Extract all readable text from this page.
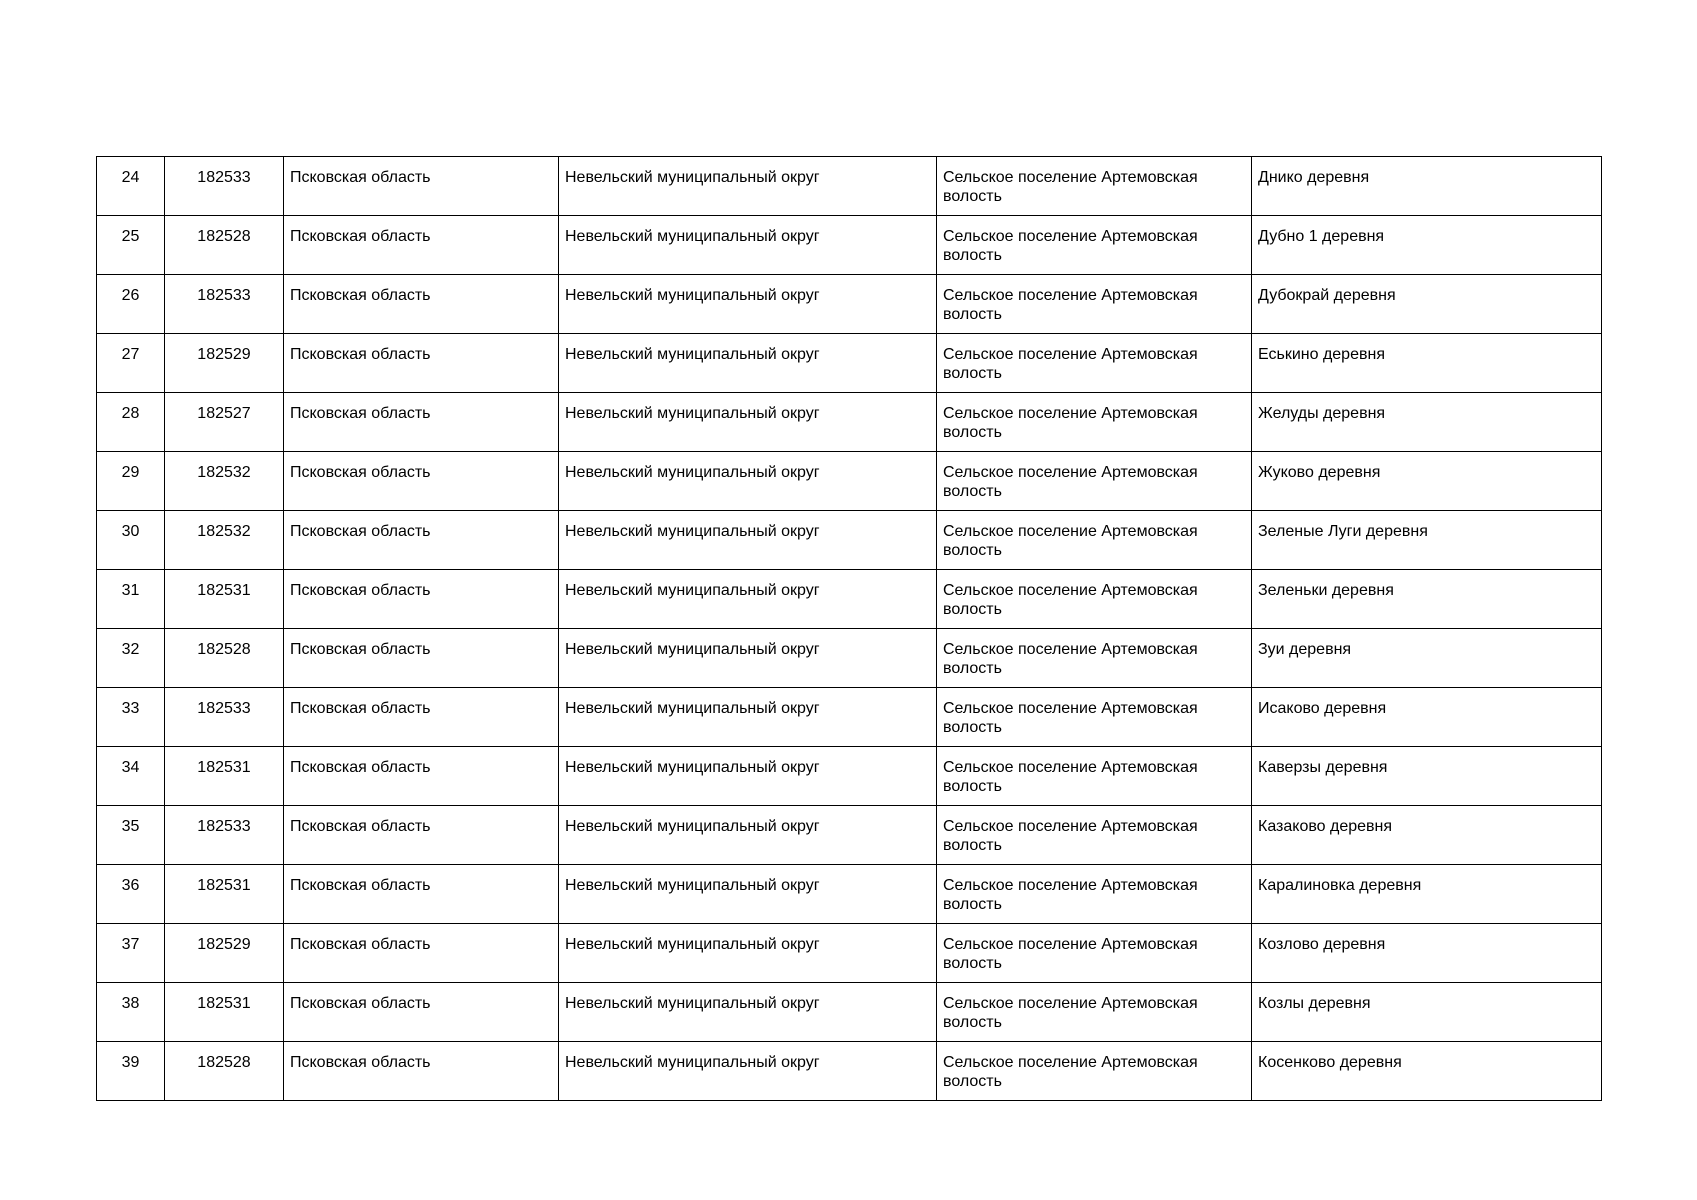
24	182533	Псковская область	Невельский муниципальный округ	Сельское поселение Артемовская волость	Днико деревня
25	182528	Псковская область	Невельский муниципальный округ	Сельское поселение Артемовская волость	Дубно 1 деревня
26	182533	Псковская область	Невельский муниципальный округ	Сельское поселение Артемовская волость	Дубокрай деревня
27	182529	Псковская область	Невельский муниципальный округ	Сельское поселение Артемовская волость	Еськино деревня
28	182527	Псковская область	Невельский муниципальный округ	Сельское поселение Артемовская волость	Желуды деревня
29	182532	Псковская область	Невельский муниципальный округ	Сельское поселение Артемовская волость	Жуково деревня
30	182532	Псковская область	Невельский муниципальный округ	Сельское поселение Артемовская волость	Зеленые Луги деревня
31	182531	Псковская область	Невельский муниципальный округ	Сельское поселение Артемовская волость	Зеленьки деревня
32	182528	Псковская область	Невельский муниципальный округ	Сельское поселение Артемовская волость	Зуи деревня
33	182533	Псковская область	Невельский муниципальный округ	Сельское поселение Артемовская волость	Исаково деревня
34	182531	Псковская область	Невельский муниципальный округ	Сельское поселение Артемовская волость	Каверзы деревня
35	182533	Псковская область	Невельский муниципальный округ	Сельское поселение Артемовская волость	Казаково деревня
36	182531	Псковская область	Невельский муниципальный округ	Сельское поселение Артемовская волость	Каралиновка деревня
37	182529	Псковская область	Невельский муниципальный округ	Сельское поселение Артемовская волость	Козлово деревня
38	182531	Псковская область	Невельский муниципальный округ	Сельское поселение Артемовская волость	Козлы деревня
39	182528	Псковская область	Невельский муниципальный округ	Сельское поселение Артемовская волость	Косенково деревня
